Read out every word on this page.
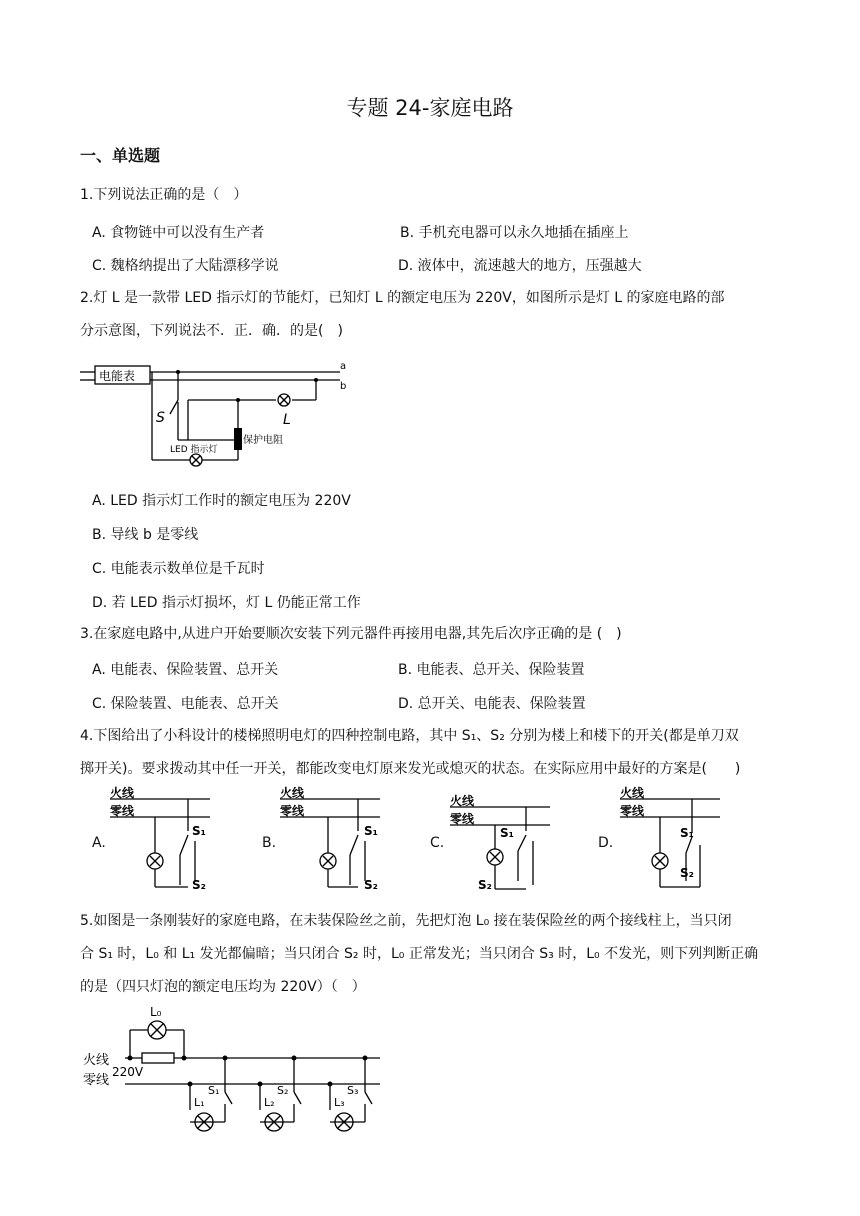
专题 24-家庭电路
一、单选题
1.下列说法正确的是（　）
A. 食物链中可以没有生产者	B. 手机充电器可以永久地插在插座上
C. 魏格纳提出了大陆漂移学说	D. 液体中，流速越大的地方，压强越大
2.灯 L 是一款带 LED 指示灯的节能灯，已知灯 L 的额定电压为 220V，如图所示是灯 L 的家庭电路的部
分示意图，下列说法不．正．确．的是(　)
电能表
a
b
S	L
LED 指示灯
保护电阻
A. LED 指示灯工作时的额定电压为 220V
B. 导线 b 是零线
C. 电能表示数单位是千瓦时
D. 若 LED 指示灯损坏，灯 L 仍能正常工作
3.在家庭电路中,从进户开始要顺次安装下列元器件再接用电器,其先后次序正确的是 (　)
A. 电能表、保险装置、总开关	B. 电能表、总开关、保险装置
C. 保险装置、电能表、总开关	D. 总开关、电能表、保险装置
4.下图给出了小科设计的楼梯照明电灯的四种控制电路，其中 S₁、S₂ 分别为楼上和楼下的开关(都是单刀双
掷开关)。要求拨动其中任一开关，都能改变电灯原来发光或熄灭的状态。在实际应用中最好的方案是(　　)
火线
零线
S₁
S₂
火线
零线
S₁
S₂
火线
零线
S₁
S₂
火线
零线
S₁
S₂
A.	B.	C.	D.
5.如图是一条刚装好的家庭电路，在未装保险丝之前，先把灯泡 L₀ 接在装保险丝的两个接线柱上，当只闭
合 S₁ 时，L₀ 和 L₁ 发光都偏暗；当只闭合 S₂ 时，L₀ 正常发光；当只闭合 S₃ 时，L₀ 不发光，则下列判断正确
的是（四只灯泡的额定电压均为 220V）（　）
L₀
火线
零线
220V
L₁
S₁
L₂
S₂
L₃
S₃
